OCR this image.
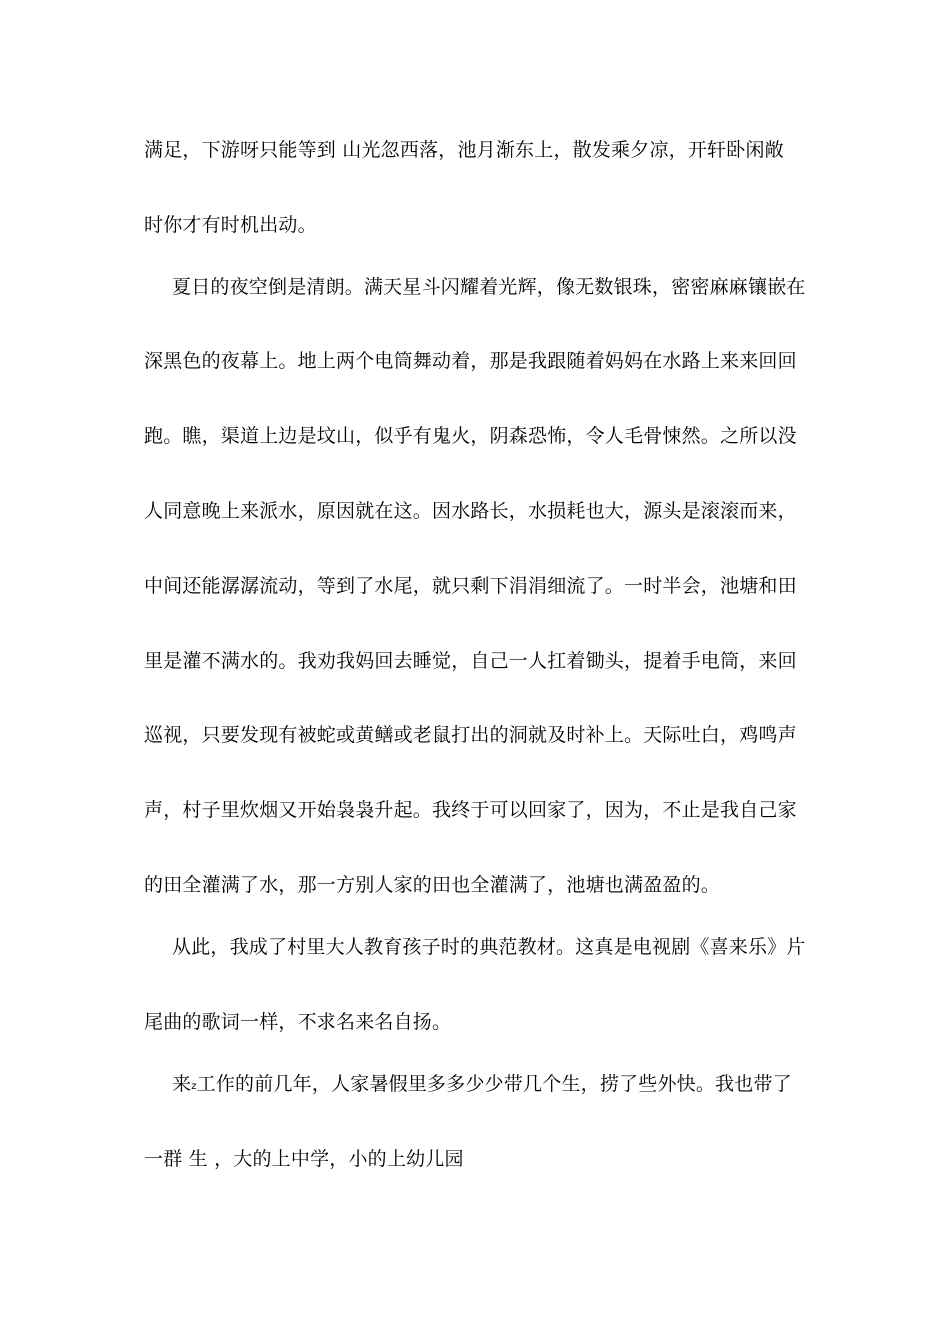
满足，下游呀只能等到 山光忽西落，池月渐东上，散发乘夕凉，开轩卧闲敞

时你才有时机出动。

夏日的夜空倒是清朗。满天星斗闪耀着光辉，像无数银珠，密密麻麻镶嵌在

深黑色的夜幕上。地上两个电筒舞动着，那是我跟随着妈妈在水路上来来回回

跑。瞧，渠道上边是坟山，似乎有鬼火，阴森恐怖，令人毛骨悚然。之所以没

人同意晚上来派水，原因就在这。因水路长，水损耗也大，源头是滚滚而来，

中间还能潺潺流动，等到了水尾，就只剩下涓涓细流了。一时半会，池塘和田

里是灌不满水的。我劝我妈回去睡觉，自己一人扛着锄头，提着手电筒，来回

巡视，只要发现有被蛇或黄鳝或老鼠打出的洞就及时补上。天际吐白，鸡鸣声

声，村子里炊烟又开始袅袅升起。我终于可以回家了，因为，不止是我自己家

的田全灌满了水，那一方别人家的田也全灌满了，池塘也满盈盈的。

从此，我成了村里大人教育孩子时的典范教材。这真是电视剧《喜来乐》片

尾曲的歌词一样，不求名来名自扬。

来z工作的前几年，人家暑假里多多少少带几个生，捞了些外快。我也带了

一群 生 ，大的上中学，小的上幼儿园
